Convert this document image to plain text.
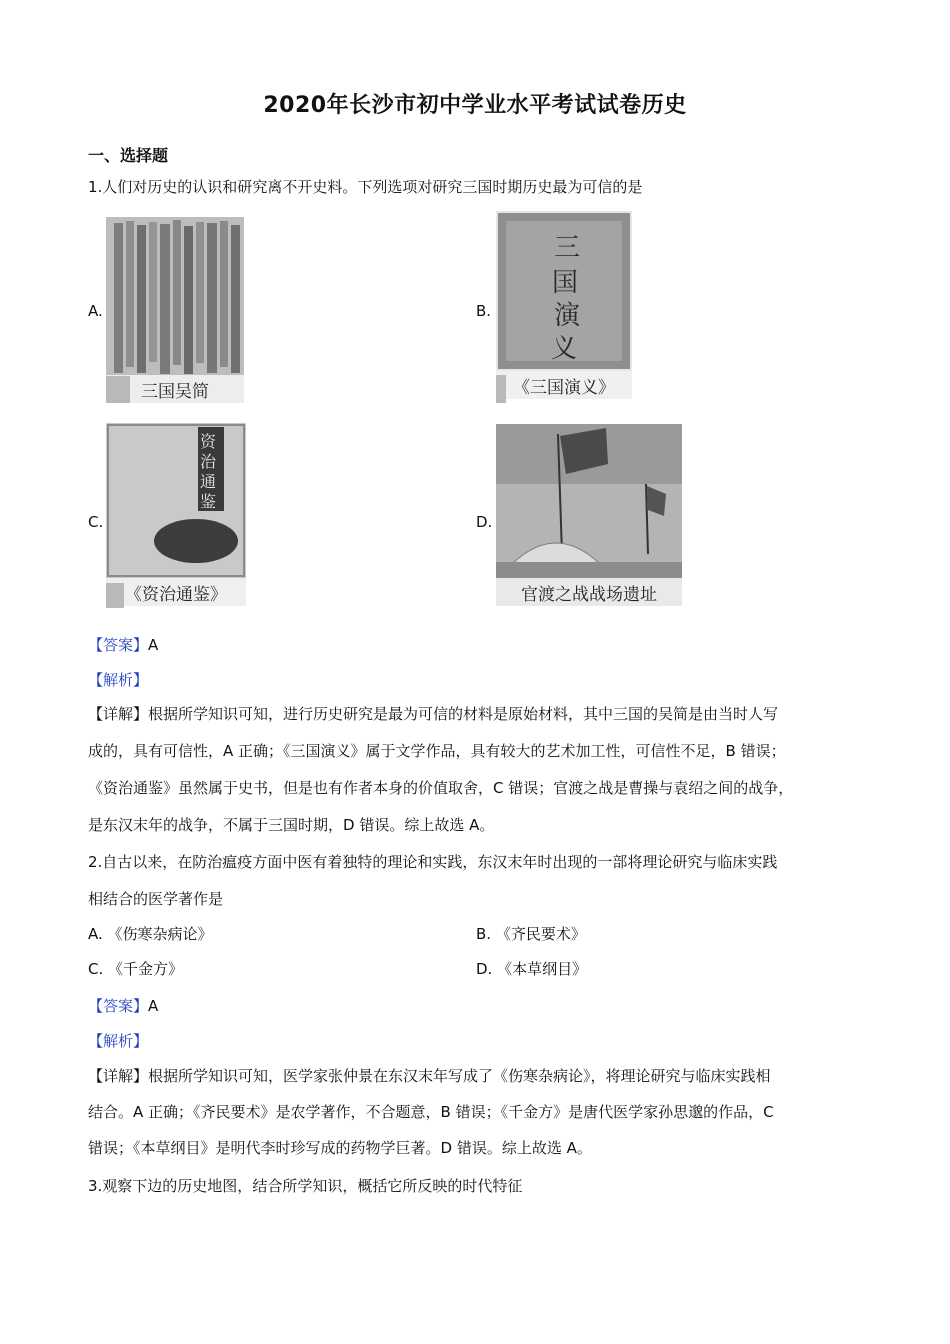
2020年长沙市初中学业水平考试试卷历史
一、选择题
1.人们对历史的认识和研究离不开史料。下列选项对研究三国时期历史最为可信的是
A.
三国吴简
B.
三
国
演
义
《三国演义》
C.
资
治
通
鉴
《资治通鉴》
D.
官渡之战战场遗址
【答案】A
【解析】
【详解】根据所学知识可知，进行历史研究是最为可信的材料是原始材料，其中三国的吴简是由当时人写
成的，具有可信性，A 正确；《三国演义》属于文学作品，具有较大的艺术加工性，可信性不足，B 错误；
《资治通鉴》虽然属于史书，但是也有作者本身的价值取舍，C 错误；官渡之战是曹操与袁绍之间的战争，
是东汉末年的战争，不属于三国时期，D 错误。综上故选 A。
2.自古以来，在防治瘟疫方面中医有着独特的理论和实践，东汉末年时出现的一部将理论研究与临床实践
相结合的医学著作是
A. 《伤寒杂病论》	B. 《齐民要术》
C. 《千金方》	D. 《本草纲目》
【答案】A
【解析】
【详解】根据所学知识可知，医学家张仲景在东汉末年写成了《伤寒杂病论》，将理论研究与临床实践相
结合。A 正确；《齐民要术》是农学著作，不合题意，B 错误；《千金方》是唐代医学家孙思邈的作品，C
错误；《本草纲目》是明代李时珍写成的药物学巨著。D 错误。综上故选 A。
3.观察下边的历史地图，结合所学知识，概括它所反映的时代特征
